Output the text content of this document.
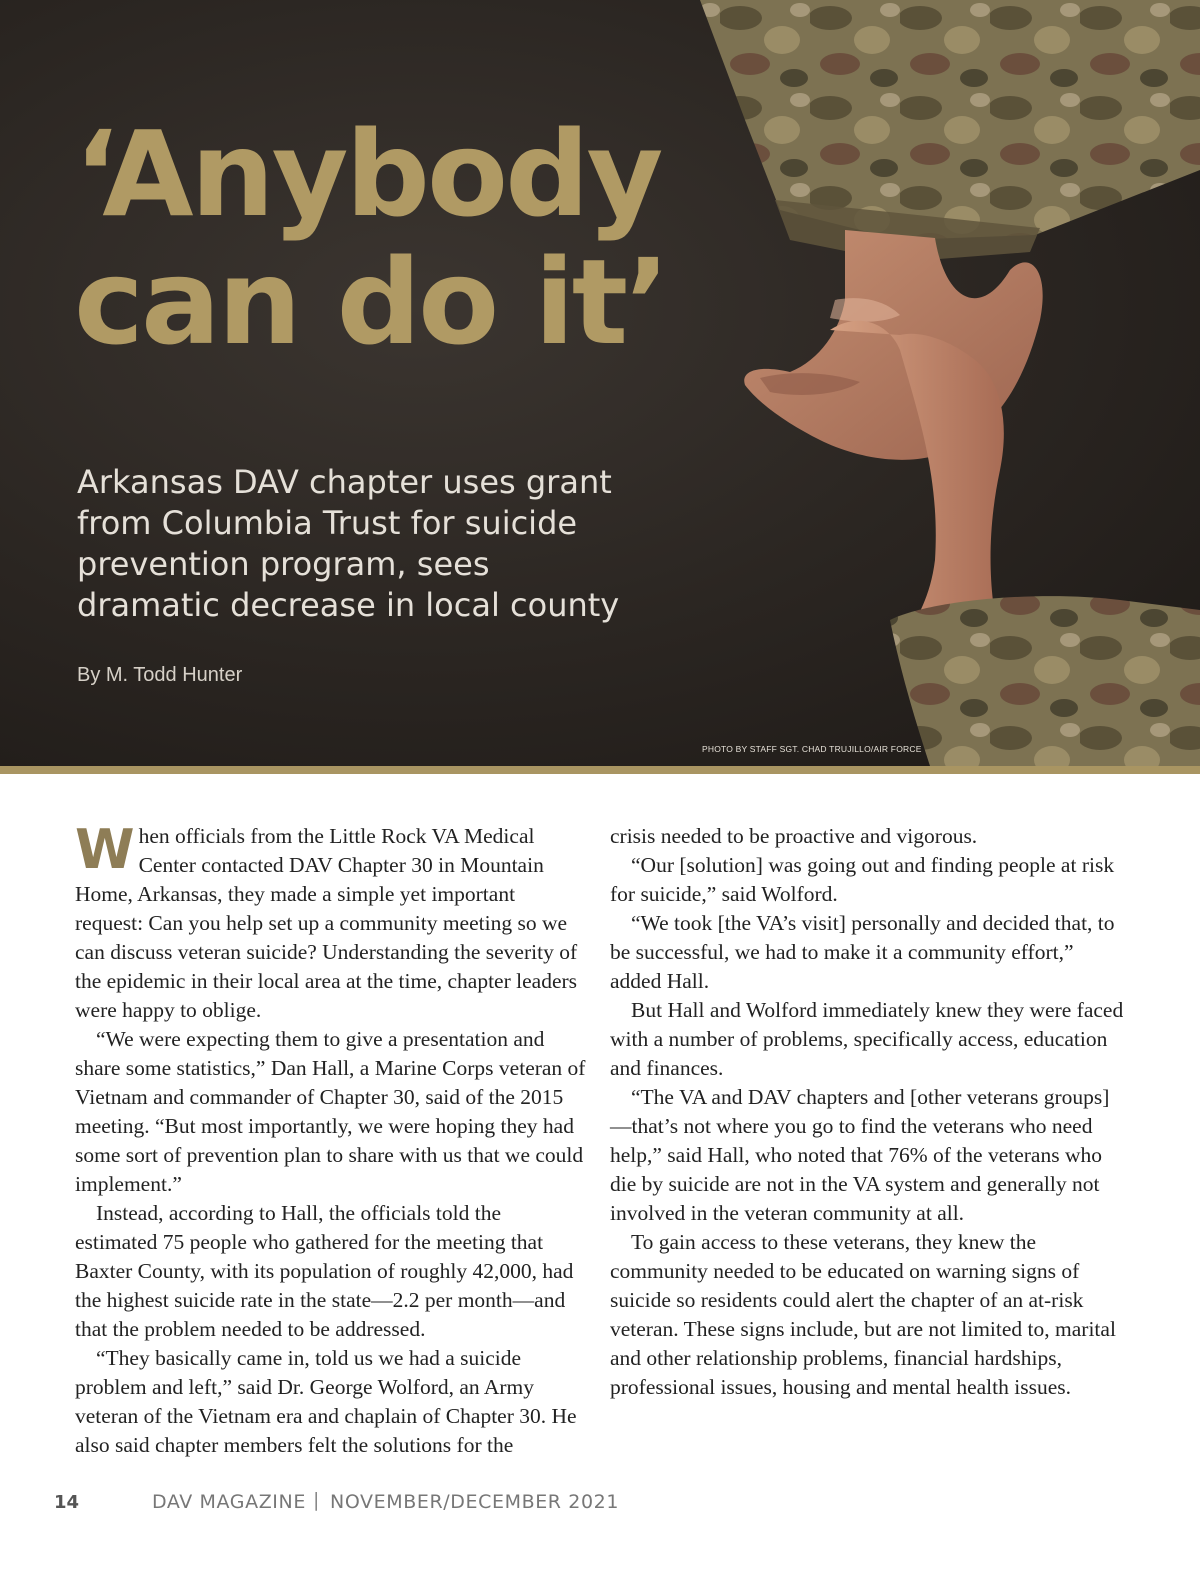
‘Anybody
can do it’

Arkansas DAV chapter uses grant from Columbia Trust for suicide prevention program, sees dramatic decrease in local county

By M. Todd Hunter
PHOTO BY STAFF SGT. CHAD TRUJILLO/AIR FORCE

When officials from the Little Rock VA Medical Center contacted DAV Chapter 30 in Mountain Home, Arkansas, they made a simple yet important request: Can you help set up a community meeting so we can discuss veteran suicide? Understanding the severity of the epidemic in their local area at the time, chapter leaders were happy to oblige.

“We were expecting them to give a presentation and share some statistics,” Dan Hall, a Marine Corps veteran of Vietnam and commander of Chapter 30, said of the 2015 meeting. “But most importantly, we were hoping they had some sort of prevention plan to share with us that we could implement.”

Instead, according to Hall, the officials told the estimated 75 people who gathered for the meeting that Baxter County, with its population of roughly 42,000, had the highest suicide rate in the state—2.2 per month—and that the problem needed to be addressed.

“They basically came in, told us we had a suicide problem and left,” said Dr. George Wolford, an Army veteran of the Vietnam era and chaplain of Chapter 30. He also said chapter members felt the solutions for the

crisis needed to be proactive and vigorous.

“Our [solution] was going out and finding people at risk for suicide,” said Wolford.

“We took [the VA’s visit] personally and decided that, to be successful, we had to make it a community effort,” added Hall.

But Hall and Wolford immediately knew they were faced with a number of problems, specifically access, education and finances.

“The VA and DAV chapters and [other veterans groups]—that’s not where you go to find the veterans who need help,” said Hall, who noted that 76% of the veterans who die by suicide are not in the VA system and generally not involved in the veteran community at all.

To gain access to these veterans, they knew the community needed to be educated on warning signs of suicide so residents could alert the chapter of an at-risk veteran. These signs include, but are not limited to, marital and other relationship problems, financial hardships, professional issues, housing and mental health issues.

14	DAV MAGAZINE | NOVEMBER/DECEMBER 2021
